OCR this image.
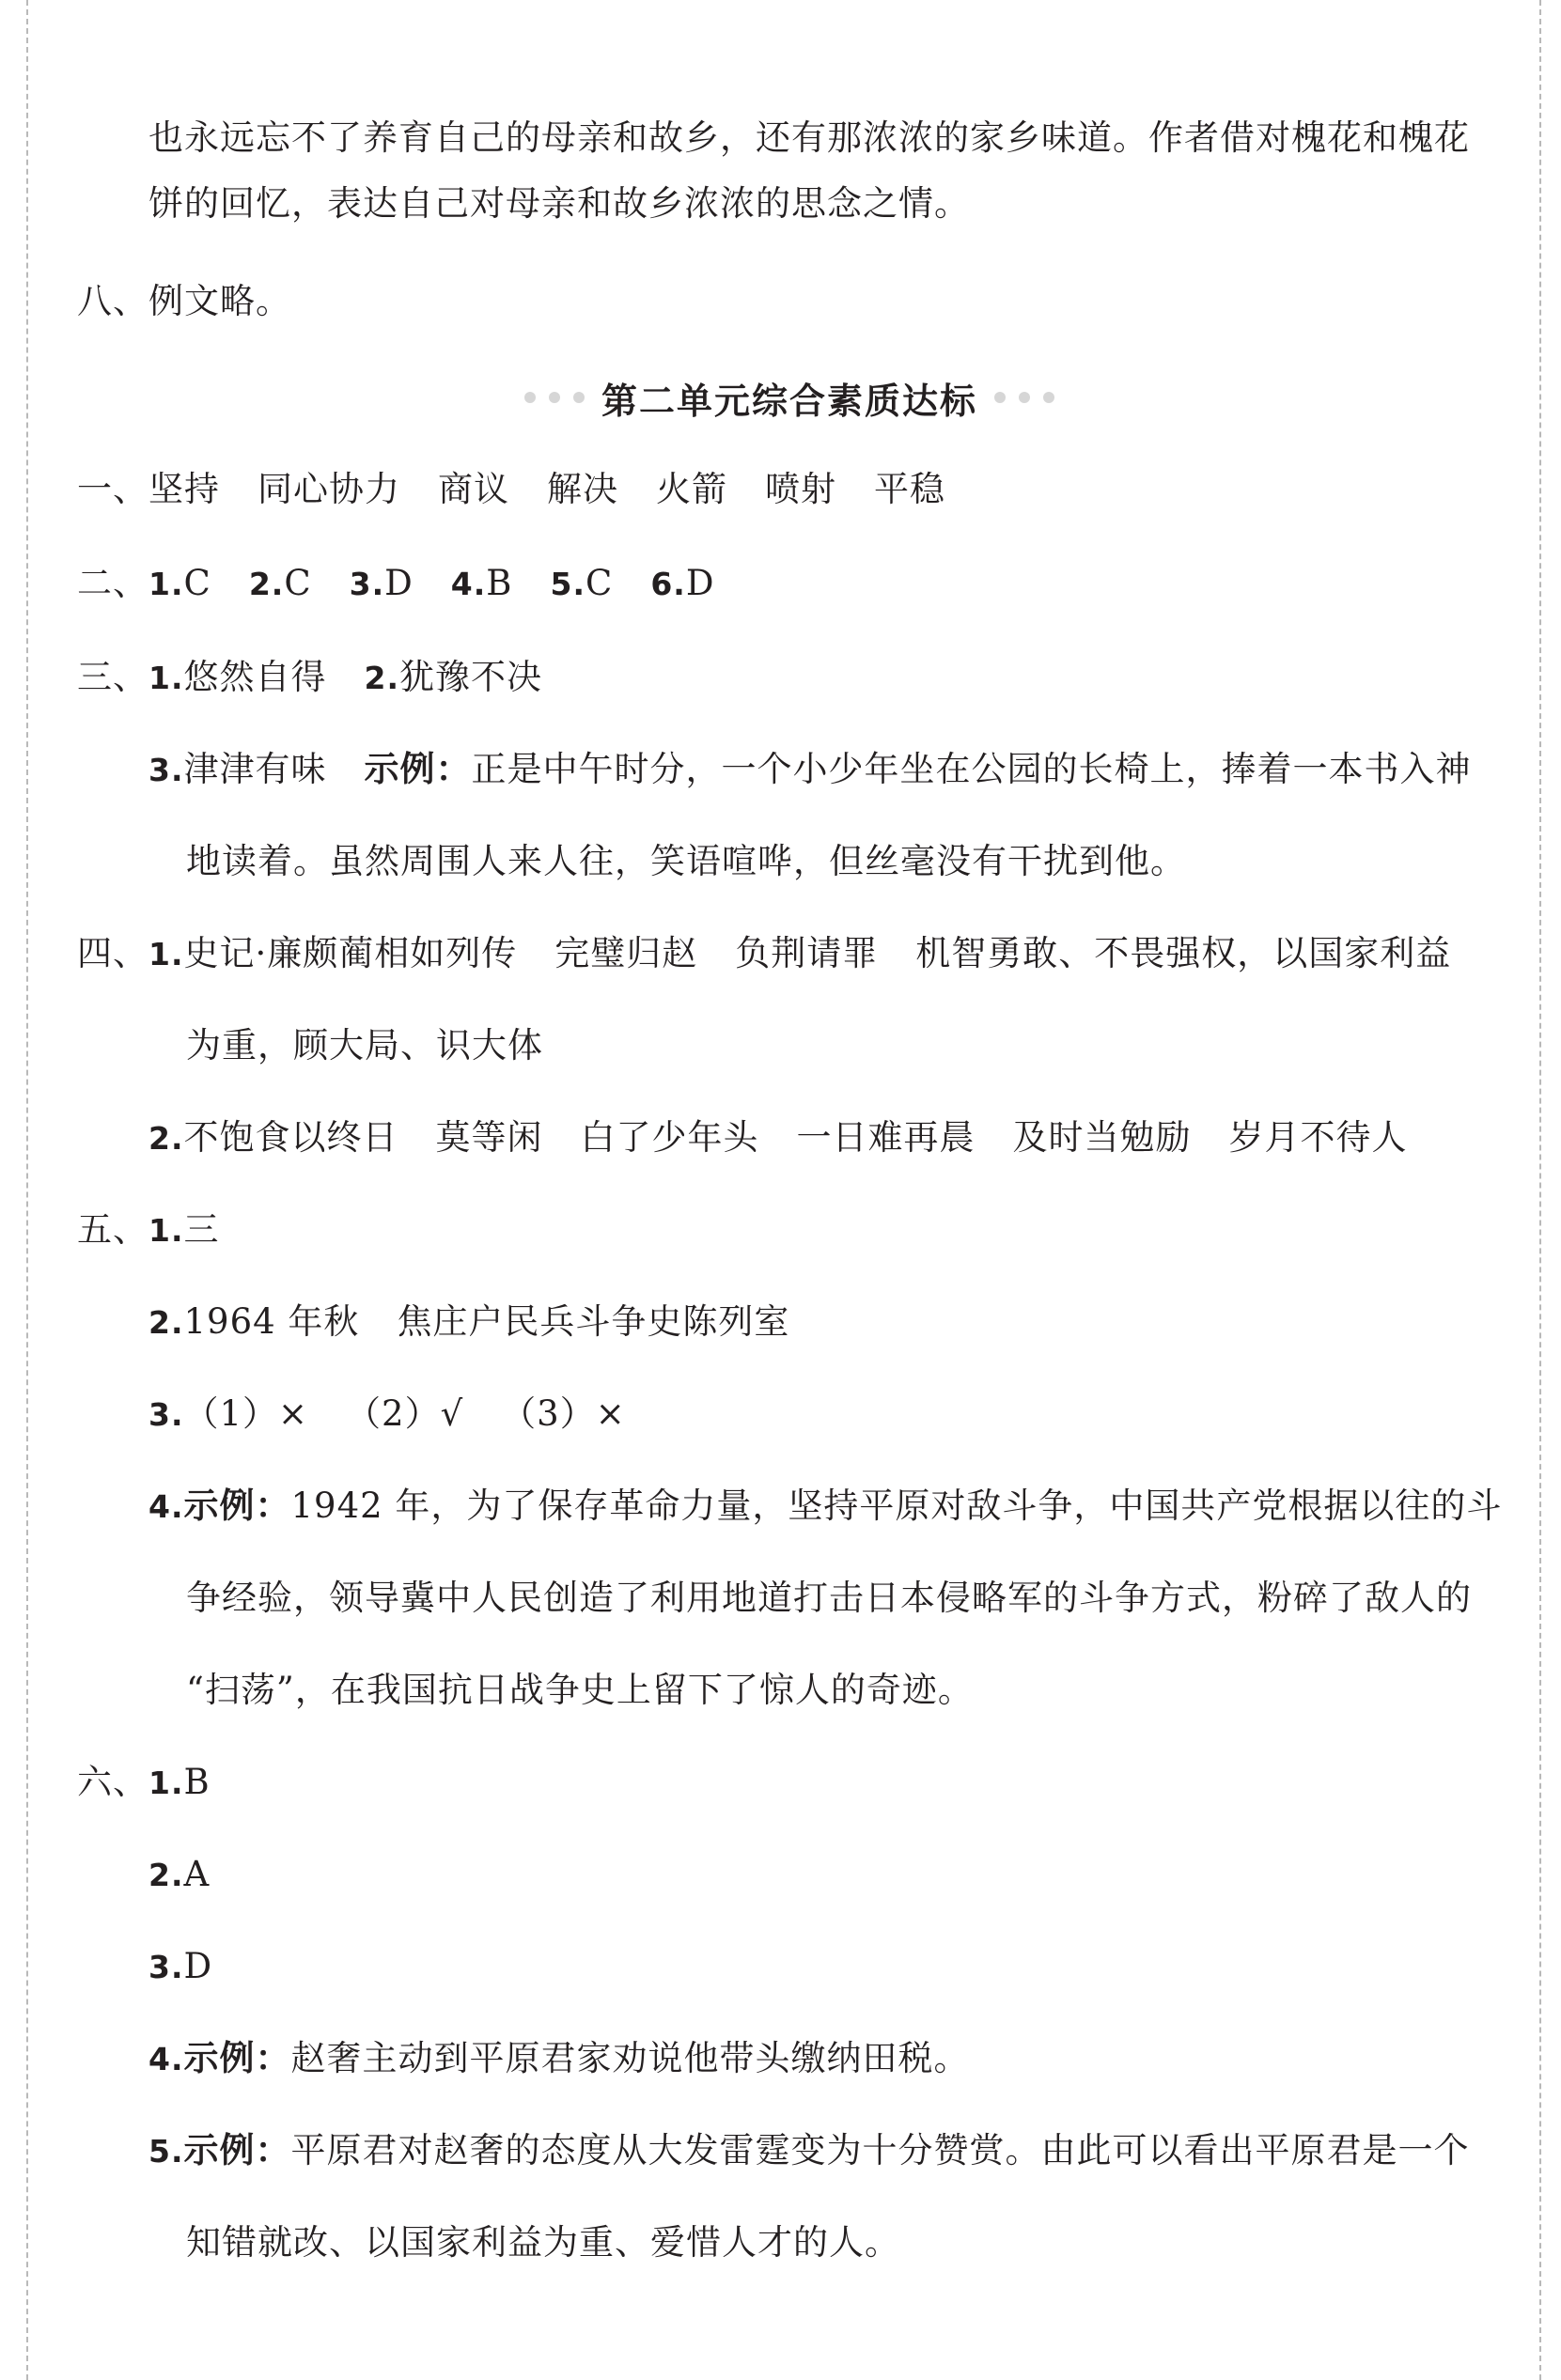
也永远忘不了养育自己的母亲和故乡，还有那浓浓的家乡味道。作者借对槐花和槐花
饼的回忆，表达自己对母亲和故乡浓浓的思念之情。
八、例文略。
第二单元综合素质达标
一、坚持 同心协力 商议 解决 火箭 喷射 平稳
二、1.C 2.C 3.D 4.B 5.C 6.D
三、1.悠然自得 2.犹豫不决
3.津津有味 示例：正是中午时分，一个小少年坐在公园的长椅上，捧着一本书入神
地读着。虽然周围人来人往，笑语喧哗，但丝毫没有干扰到他。
四、1.史记·廉颇蔺相如列传 完璧归赵 负荆请罪 机智勇敢、不畏强权，以国家利益
为重，顾大局、识大体
2.不饱食以终日 莫等闲 白了少年头 一日难再晨 及时当勉励 岁月不待人
五、1.三
2.1964 年秋 焦庄户民兵斗争史陈列室
3.（1）× （2）√ （3）×
4.示例：1942 年，为了保存革命力量，坚持平原对敌斗争，中国共产党根据以往的斗
争经验，领导冀中人民创造了利用地道打击日本侵略军的斗争方式，粉碎了敌人的
“扫荡”，在我国抗日战争史上留下了惊人的奇迹。
六、1.B
2.A
3.D
4.示例：赵奢主动到平原君家劝说他带头缴纳田税。
5.示例：平原君对赵奢的态度从大发雷霆变为十分赞赏。由此可以看出平原君是一个
知错就改、以国家利益为重、爱惜人才的人。
